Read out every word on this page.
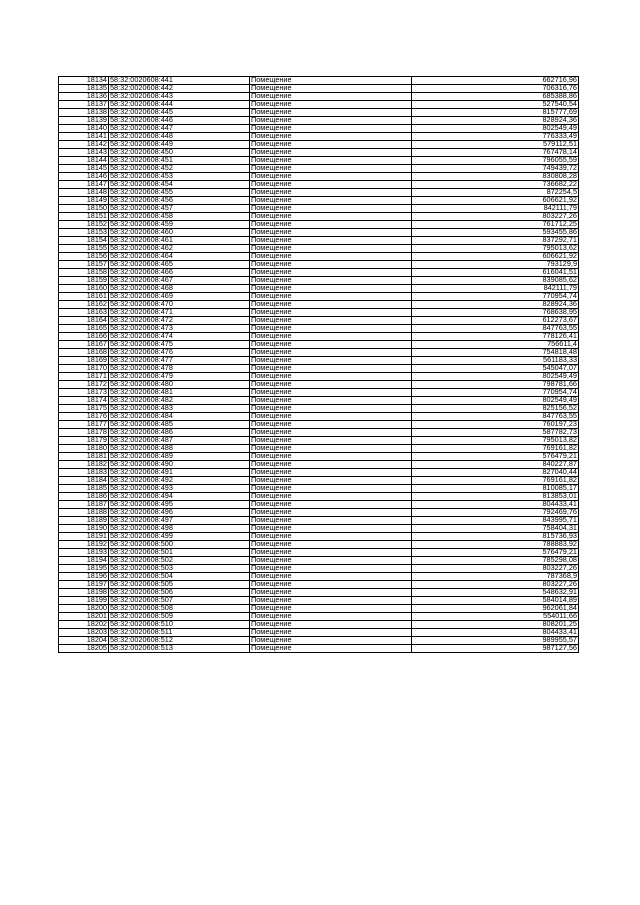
18134	58:32:0020608:441	Помещение	662716,96
18135	58:32:0020608:442	Помещение	706316,76
18136	58:32:0020608:443	Помещение	685388,86
18137	58:32:0020608:444	Помещение	527540,54
18138	58:32:0020608:445	Помещение	815777,69
18139	58:32:0020608:446	Помещение	828924,36
18140	58:32:0020608:447	Помещение	802549,49
18141	58:32:0020608:448	Помещение	776333,49
18142	58:32:0020608:449	Помещение	579112,51
18143	58:32:0020608:450	Помещение	767478,14
18144	58:32:0020608:451	Помещение	796055,59
18145	58:32:0020608:452	Помещение	749439,72
18146	58:32:0020608:453	Помещение	830808,28
18147	58:32:0020608:454	Помещение	736682,22
18148	58:32:0020608:455	Помещение	872254,5
18149	58:32:0020608:456	Помещение	606621,92
18150	58:32:0020608:457	Помещение	842111,79
18151	58:32:0020608:458	Помещение	803227,26
18152	58:32:0020608:459	Помещение	761712,25
18153	58:32:0020608:460	Помещение	593455,86
18154	58:32:0020608:461	Помещение	837292,71
18155	58:32:0020608:462	Помещение	795013,62
18156	58:32:0020608:464	Помещение	606621,92
18157	58:32:0020608:465	Помещение	793129,9
18158	58:32:0020608:466	Помещение	616041,51
18159	58:32:0020608:467	Помещение	839085,62
18160	58:32:0020608:468	Помещение	842111,79
18161	58:32:0020608:469	Помещение	770954,74
18162	58:32:0020608:470	Помещение	828924,36
18163	58:32:0020608:471	Помещение	768638,95
18164	58:32:0020608:472	Помещение	612273,67
18165	58:32:0020608:473	Помещение	847763,55
18166	58:32:0020608:474	Помещение	778126,41
18167	58:32:0020608:475	Помещение	756611,4
18168	58:32:0020608:476	Помещение	754818,48
18169	58:32:0020608:477	Помещение	561183,33
18170	58:32:0020608:478	Помещение	545047,07
18171	58:32:0020608:479	Помещение	802549,49
18172	58:32:0020608:480	Помещение	798781,66
18173	58:32:0020608:481	Помещение	770954,74
18174	58:32:0020608:482	Помещение	802549,49
18175	58:32:0020608:483	Помещение	825156,52
18176	58:32:0020608:484	Помещение	847763,55
18177	58:32:0020608:485	Помещение	760197,23
18178	58:32:0020608:486	Помещение	587782,73
18179	58:32:0020608:487	Помещение	795013,82
18180	58:32:0020608:488	Помещение	769161,82
18181	58:32:0020608:489	Помещение	576479,21
18182	58:32:0020608:490	Помещение	840227,87
18183	58:32:0020608:491	Помещение	827040,44
18184	58:32:0020608:492	Помещение	769161,82
18185	58:32:0020608:493	Помещение	810085,17
18186	58:32:0020608:494	Помещение	813853,01
18187	58:32:0020608:495	Помещение	804433,41
18188	58:32:0020608:496	Помещение	792469,76
18189	58:32:0020608:497	Помещение	843995,71
18190	58:32:0020608:498	Помещение	758404,31
18191	58:32:0020608:499	Помещение	815736,93
18192	58:32:0020608:500	Помещение	788883,92
18193	58:32:0020608:501	Помещение	576479,21
18194	58:32:0020608:502	Помещение	785298,08
18195	58:32:0020608:503	Помещение	803227,26
18196	58:32:0020608:504	Помещение	787368,9
18197	58:32:0020608:505	Помещение	803227,26
18198	58:32:0020608:506	Помещение	548632,91
18199	58:32:0020608:507	Помещение	584014,89
18200	58:32:0020608:508	Помещение	962061,84
18201	58:32:0020608:509	Помещение	554011,66
18202	58:32:0020608:510	Помещение	808201,25
18203	58:32:0020608:511	Помещение	804433,41
18204	58:32:0020608:512	Помещение	989955,57
18205	58:32:0020608:513	Помещение	987127,56
